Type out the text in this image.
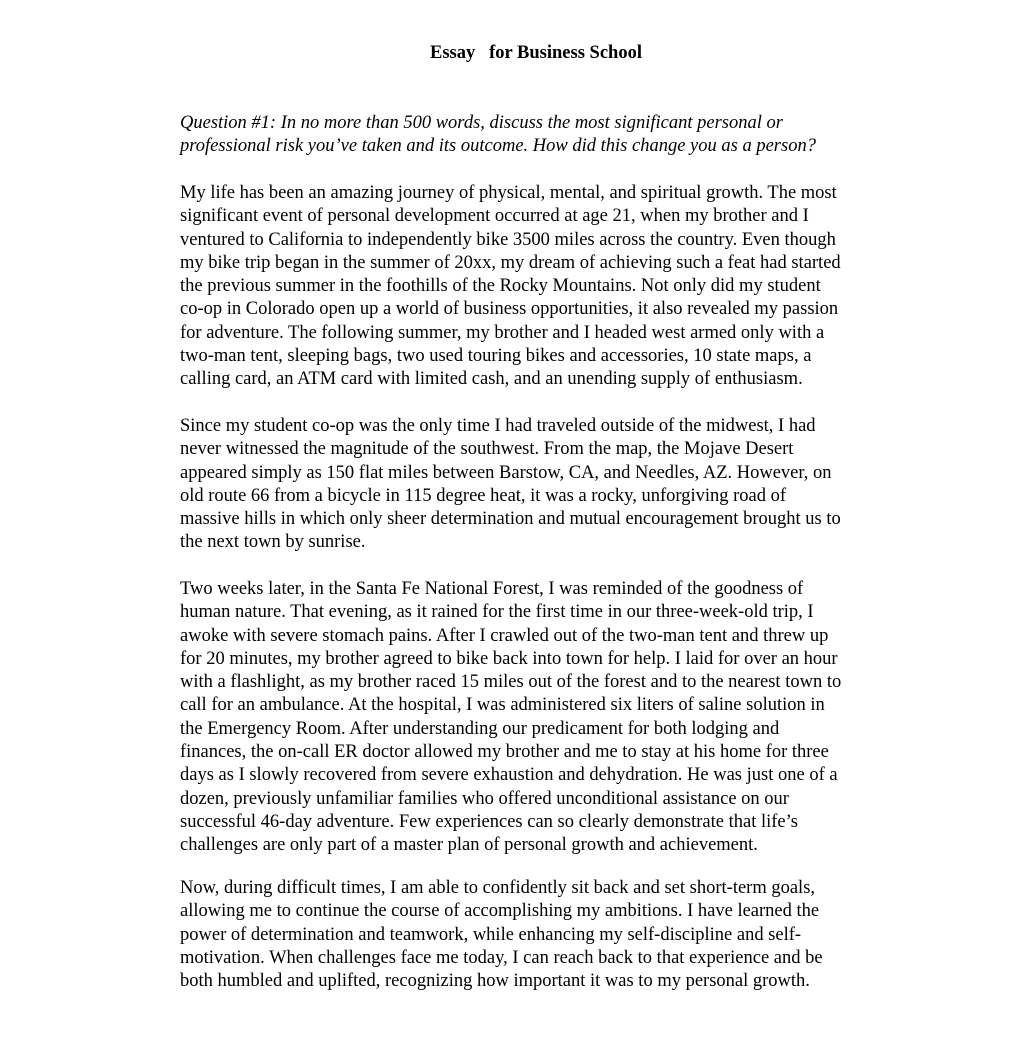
Essay   for Business School
Question #1: In no more than 500 words, discuss the most significant personal or
professional risk you’ve taken and its outcome. How did this change you as a person?
My life has been an amazing journey of physical, mental, and spiritual growth. The most
significant event of personal development occurred at age 21, when my brother and I
ventured to California to independently bike 3500 miles across the country. Even though
my bike trip began in the summer of 20xx, my dream of achieving such a feat had started
the previous summer in the foothills of the Rocky Mountains. Not only did my student
co-op in Colorado open up a world of business opportunities, it also revealed my passion
for adventure. The following summer, my brother and I headed west armed only with a
two-man tent, sleeping bags, two used touring bikes and accessories, 10 state maps, a
calling card, an ATM card with limited cash, and an unending supply of enthusiasm.
Since my student co-op was the only time I had traveled outside of the midwest, I had
never witnessed the magnitude of the southwest. From the map, the Mojave Desert
appeared simply as 150 flat miles between Barstow, CA, and Needles, AZ. However, on
old route 66 from a bicycle in 115 degree heat, it was a rocky, unforgiving road of
massive hills in which only sheer determination and mutual encouragement brought us to
the next town by sunrise.
Two weeks later, in the Santa Fe National Forest, I was reminded of the goodness of
human nature. That evening, as it rained for the first time in our three-week-old trip, I
awoke with severe stomach pains. After I crawled out of the two-man tent and threw up
for 20 minutes, my brother agreed to bike back into town for help. I laid for over an hour
with a flashlight, as my brother raced 15 miles out of the forest and to the nearest town to
call for an ambulance. At the hospital, I was administered six liters of saline solution in
the Emergency Room. After understanding our predicament for both lodging and
finances, the on-call ER doctor allowed my brother and me to stay at his home for three
days as I slowly recovered from severe exhaustion and dehydration. He was just one of a
dozen, previously unfamiliar families who offered unconditional assistance on our
successful 46-day adventure. Few experiences can so clearly demonstrate that life’s
challenges are only part of a master plan of personal growth and achievement.
Now, during difficult times, I am able to confidently sit back and set short-term goals,
allowing me to continue the course of accomplishing my ambitions. I have learned the
power of determination and teamwork, while enhancing my self-discipline and self-
motivation. When challenges face me today, I can reach back to that experience and be
both humbled and uplifted, recognizing how important it was to my personal growth.
